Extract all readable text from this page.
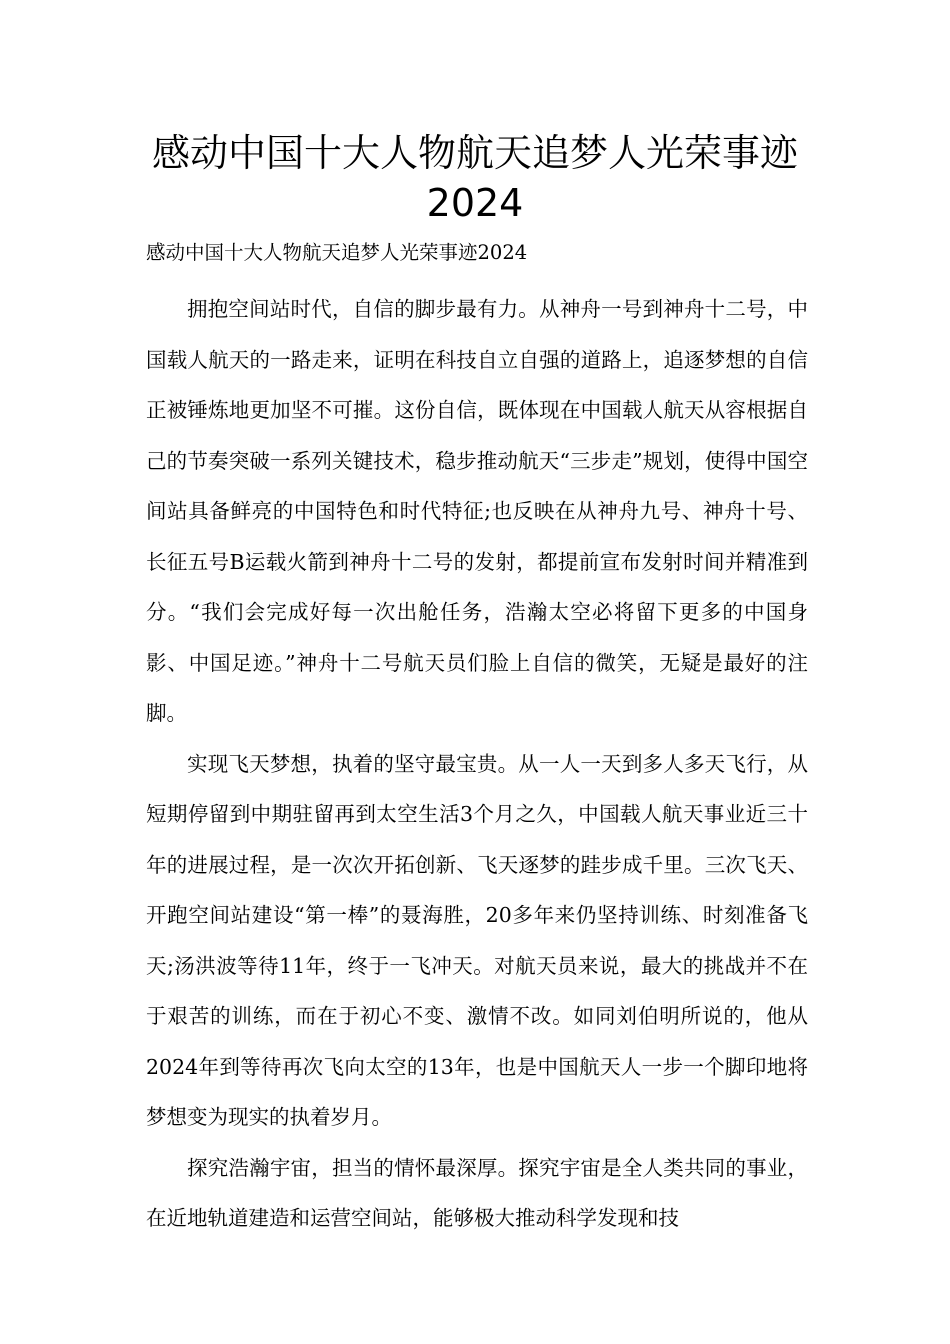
感动中国十大人物航天追梦人光荣事迹2024

感动中国十大人物航天追梦人光荣事迹2024

拥抱空间站时代，自信的脚步最有力。从神舟一号到神舟十二号，中国载人航天的一路走来，证明在科技自立自强的道路上，追逐梦想的自信正被锤炼地更加坚不可摧。这份自信，既体现在中国载人航天从容根据自己的节奏突破一系列关键技术，稳步推动航天“三步走”规划，使得中国空间站具备鲜亮的中国特色和时代特征;也反映在从神舟九号、神舟十号、长征五号B运载火箭到神舟十二号的发射，都提前宣布发射时间并精准到分。“我们会完成好每一次出舱任务，浩瀚太空必将留下更多的中国身影、中国足迹。”神舟十二号航天员们脸上自信的微笑，无疑是最好的注脚。

实现飞天梦想，执着的坚守最宝贵。从一人一天到多人多天飞行，从短期停留到中期驻留再到太空生活3个月之久，中国载人航天事业近三十年的进展过程，是一次次开拓创新、飞天逐梦的跬步成千里。三次飞天、开跑空间站建设“第一棒”的聂海胜，20多年来仍坚持训练、时刻准备飞天;汤洪波等待11年，终于一飞冲天。对航天员来说，最大的挑战并不在于艰苦的训练，而在于初心不变、激情不改。如同刘伯明所说的，他从2024年到等待再次飞向太空的13年，也是中国航天人一步一个脚印地将梦想变为现实的执着岁月。

探究浩瀚宇宙，担当的情怀最深厚。探究宇宙是全人类共同的事业，在近地轨道建造和运营空间站，能够极大推动科学发现和技
